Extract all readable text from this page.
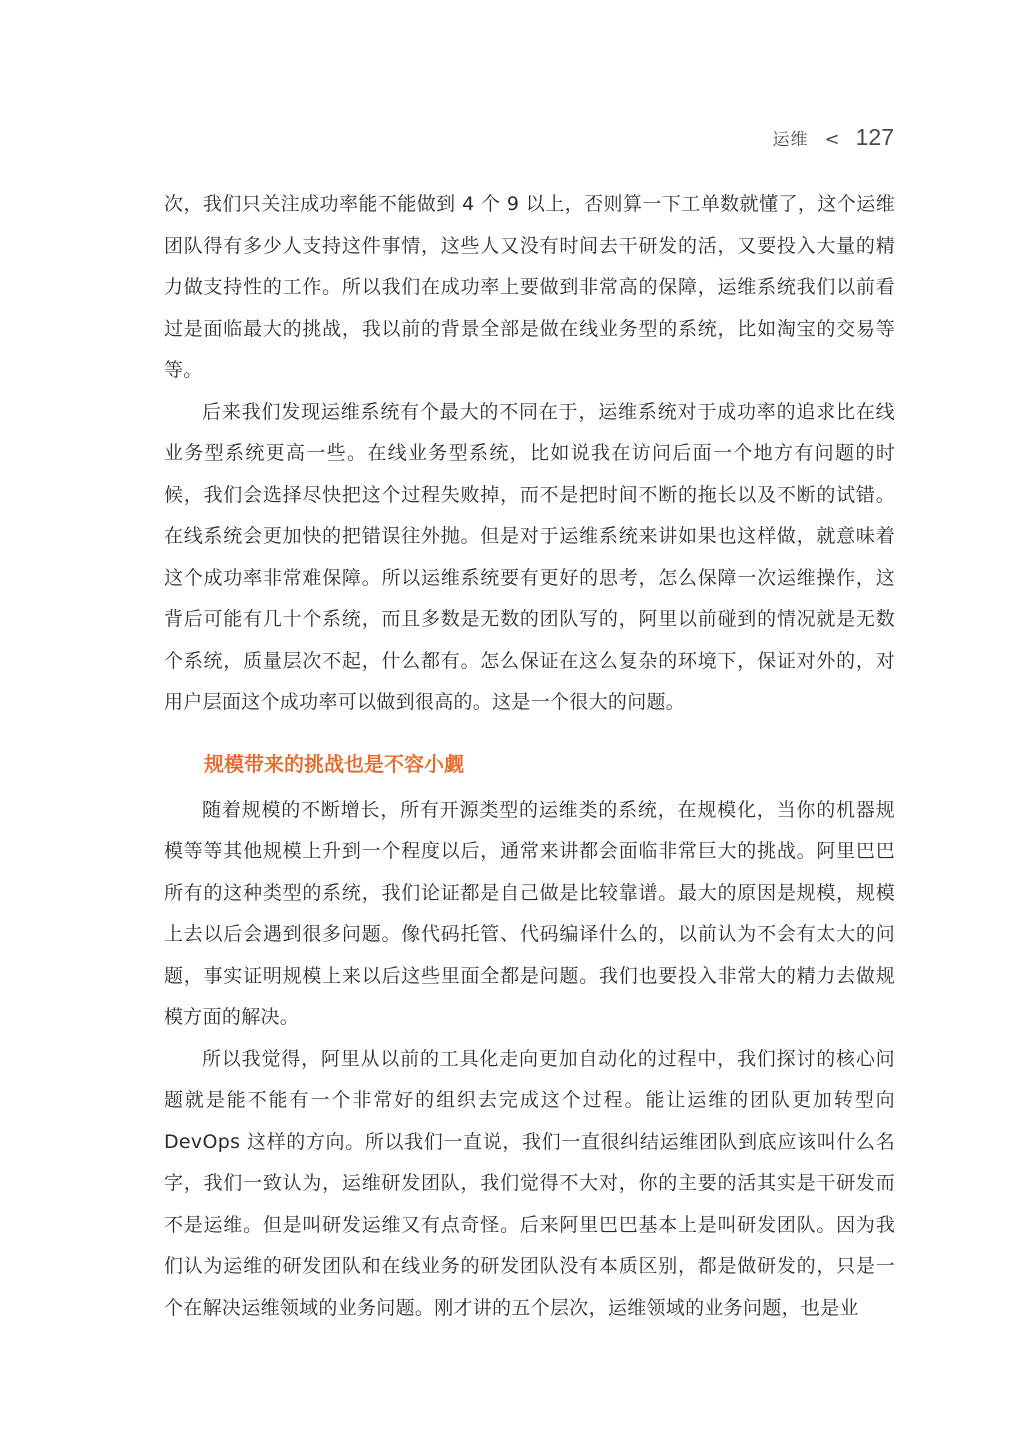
运维 < 127

次，我们只关注成功率能不能做到 4 个 9 以上，否则算一下工单数就懂了，这个运维团队得有多少人支持这件事情，这些人又没有时间去干研发的活，又要投入大量的精力做支持性的工作。所以我们在成功率上要做到非常高的保障，运维系统我们以前看过是面临最大的挑战，我以前的背景全部是做在线业务型的系统，比如淘宝的交易等等。

后来我们发现运维系统有个最大的不同在于，运维系统对于成功率的追求比在线业务型系统更高一些。在线业务型系统，比如说我在访问后面一个地方有问题的时候，我们会选择尽快把这个过程失败掉，而不是把时间不断的拖长以及不断的试错。在线系统会更加快的把错误往外抛。但是对于运维系统来讲如果也这样做，就意味着这个成功率非常难保障。所以运维系统要有更好的思考，怎么保障一次运维操作，这背后可能有几十个系统，而且多数是无数的团队写的，阿里以前碰到的情况就是无数个系统，质量层次不起，什么都有。怎么保证在这么复杂的环境下，保证对外的，对用户层面这个成功率可以做到很高的。这是一个很大的问题。

规模带来的挑战也是不容小觑

随着规模的不断增长，所有开源类型的运维类的系统，在规模化，当你的机器规模等等其他规模上升到一个程度以后，通常来讲都会面临非常巨大的挑战。阿里巴巴所有的这种类型的系统，我们论证都是自己做是比较靠谱。最大的原因是规模，规模上去以后会遇到很多问题。像代码托管、代码编译什么的，以前认为不会有太大的问题，事实证明规模上来以后这些里面全都是问题。我们也要投入非常大的精力去做规模方面的解决。

所以我觉得，阿里从以前的工具化走向更加自动化的过程中，我们探讨的核心问题就是能不能有一个非常好的组织去完成这个过程。能让运维的团队更加转型向 DevOps 这样的方向。所以我们一直说，我们一直很纠结运维团队到底应该叫什么名字，我们一致认为，运维研发团队，我们觉得不大对，你的主要的活其实是干研发而不是运维。但是叫研发运维又有点奇怪。后来阿里巴巴基本上是叫研发团队。因为我们认为运维的研发团队和在线业务的研发团队没有本质区别，都是做研发的，只是一个在解决运维领域的业务问题。刚才讲的五个层次，运维领域的业务问题，也是业
